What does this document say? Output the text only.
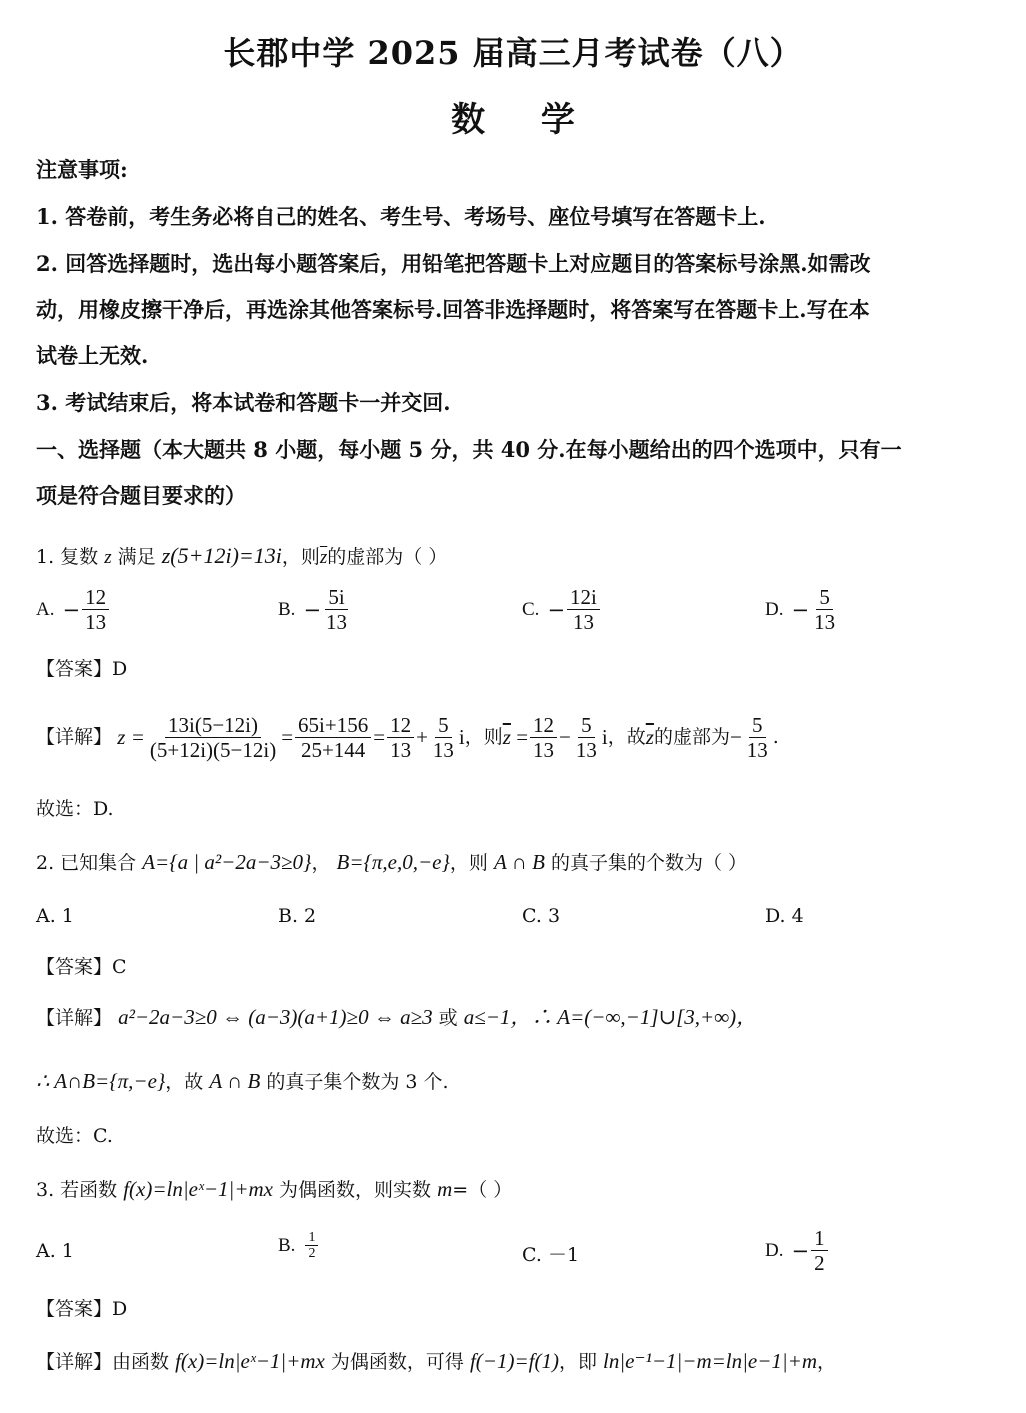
长郡中学 2025 届高三月考试卷（八）
数 学
注意事项:
1. 答卷前，考生务必将自己的姓名、考生号、考场号、座位号填写在答题卡上.
2. 回答选择题时，选出每小题答案后，用铅笔把答题卡上对应题目的答案标号涂黑.如需改
动，用橡皮擦干净后，再选涂其他答案标号.回答非选择题时，将答案写在答题卡上.写在本
试卷上无效.
3. 考试结束后，将本试卷和答题卡一并交回.
一、选择题（本大题共 8 小题，每小题 5 分，共 40 分.在每小题给出的四个选项中，只有一
项是符合题目要求的）
1. 复数 z 满足 z(5+12i)=13i，则$\overline{z}$的虚部为（ ）
A. − $\frac{12}{13}$	B. − $\frac{5i}{13}$	C. − $\frac{12i}{13}$	D. − $\frac{5}{13}$
【答案】D
【详解】 $z = \frac{13i(5-12i)}{(5+12i)(5-12i)} = \frac{65i+156}{25+144} = \frac{12}{13} + \frac{5}{13}$ i ，则 $\overline{z} = \frac{12}{13} - \frac{5}{13}$ i ，故 $\overline{z}$ 的虚部为 − $\frac{5}{13}$ .
故选：D.
2. 已知集合 A={a | a²−2a−3≥0}， B={π,e,0,−e}，则 A ∩ B 的真子集的个数为（ ）
A. 1	B. 2	C. 3	D. 4
【答案】C
【详解】 a²−2a−3≥0 ⇔ (a−3)(a+1)≥0 ⇔ a≥3 或 a≤−1，∴ A=(−∞,−1]∪[3,+∞)，
∴ A∩B={π,−e}，故 A ∩ B 的真子集个数为 3 个.
故选：C.
3. 若函数 f(x)=ln|eˣ−1|+mx 为偶函数，则实数 m=（ ）
A. 1	B. $\frac{1}{2}$	C. －1	D. − $\frac{1}{2}$
【答案】D
【详解】由函数 f(x)=ln|eˣ−1|+mx 为偶函数，可得 f(−1)=f(1)，即 ln|e⁻¹−1|−m=ln|e−1|+m，
